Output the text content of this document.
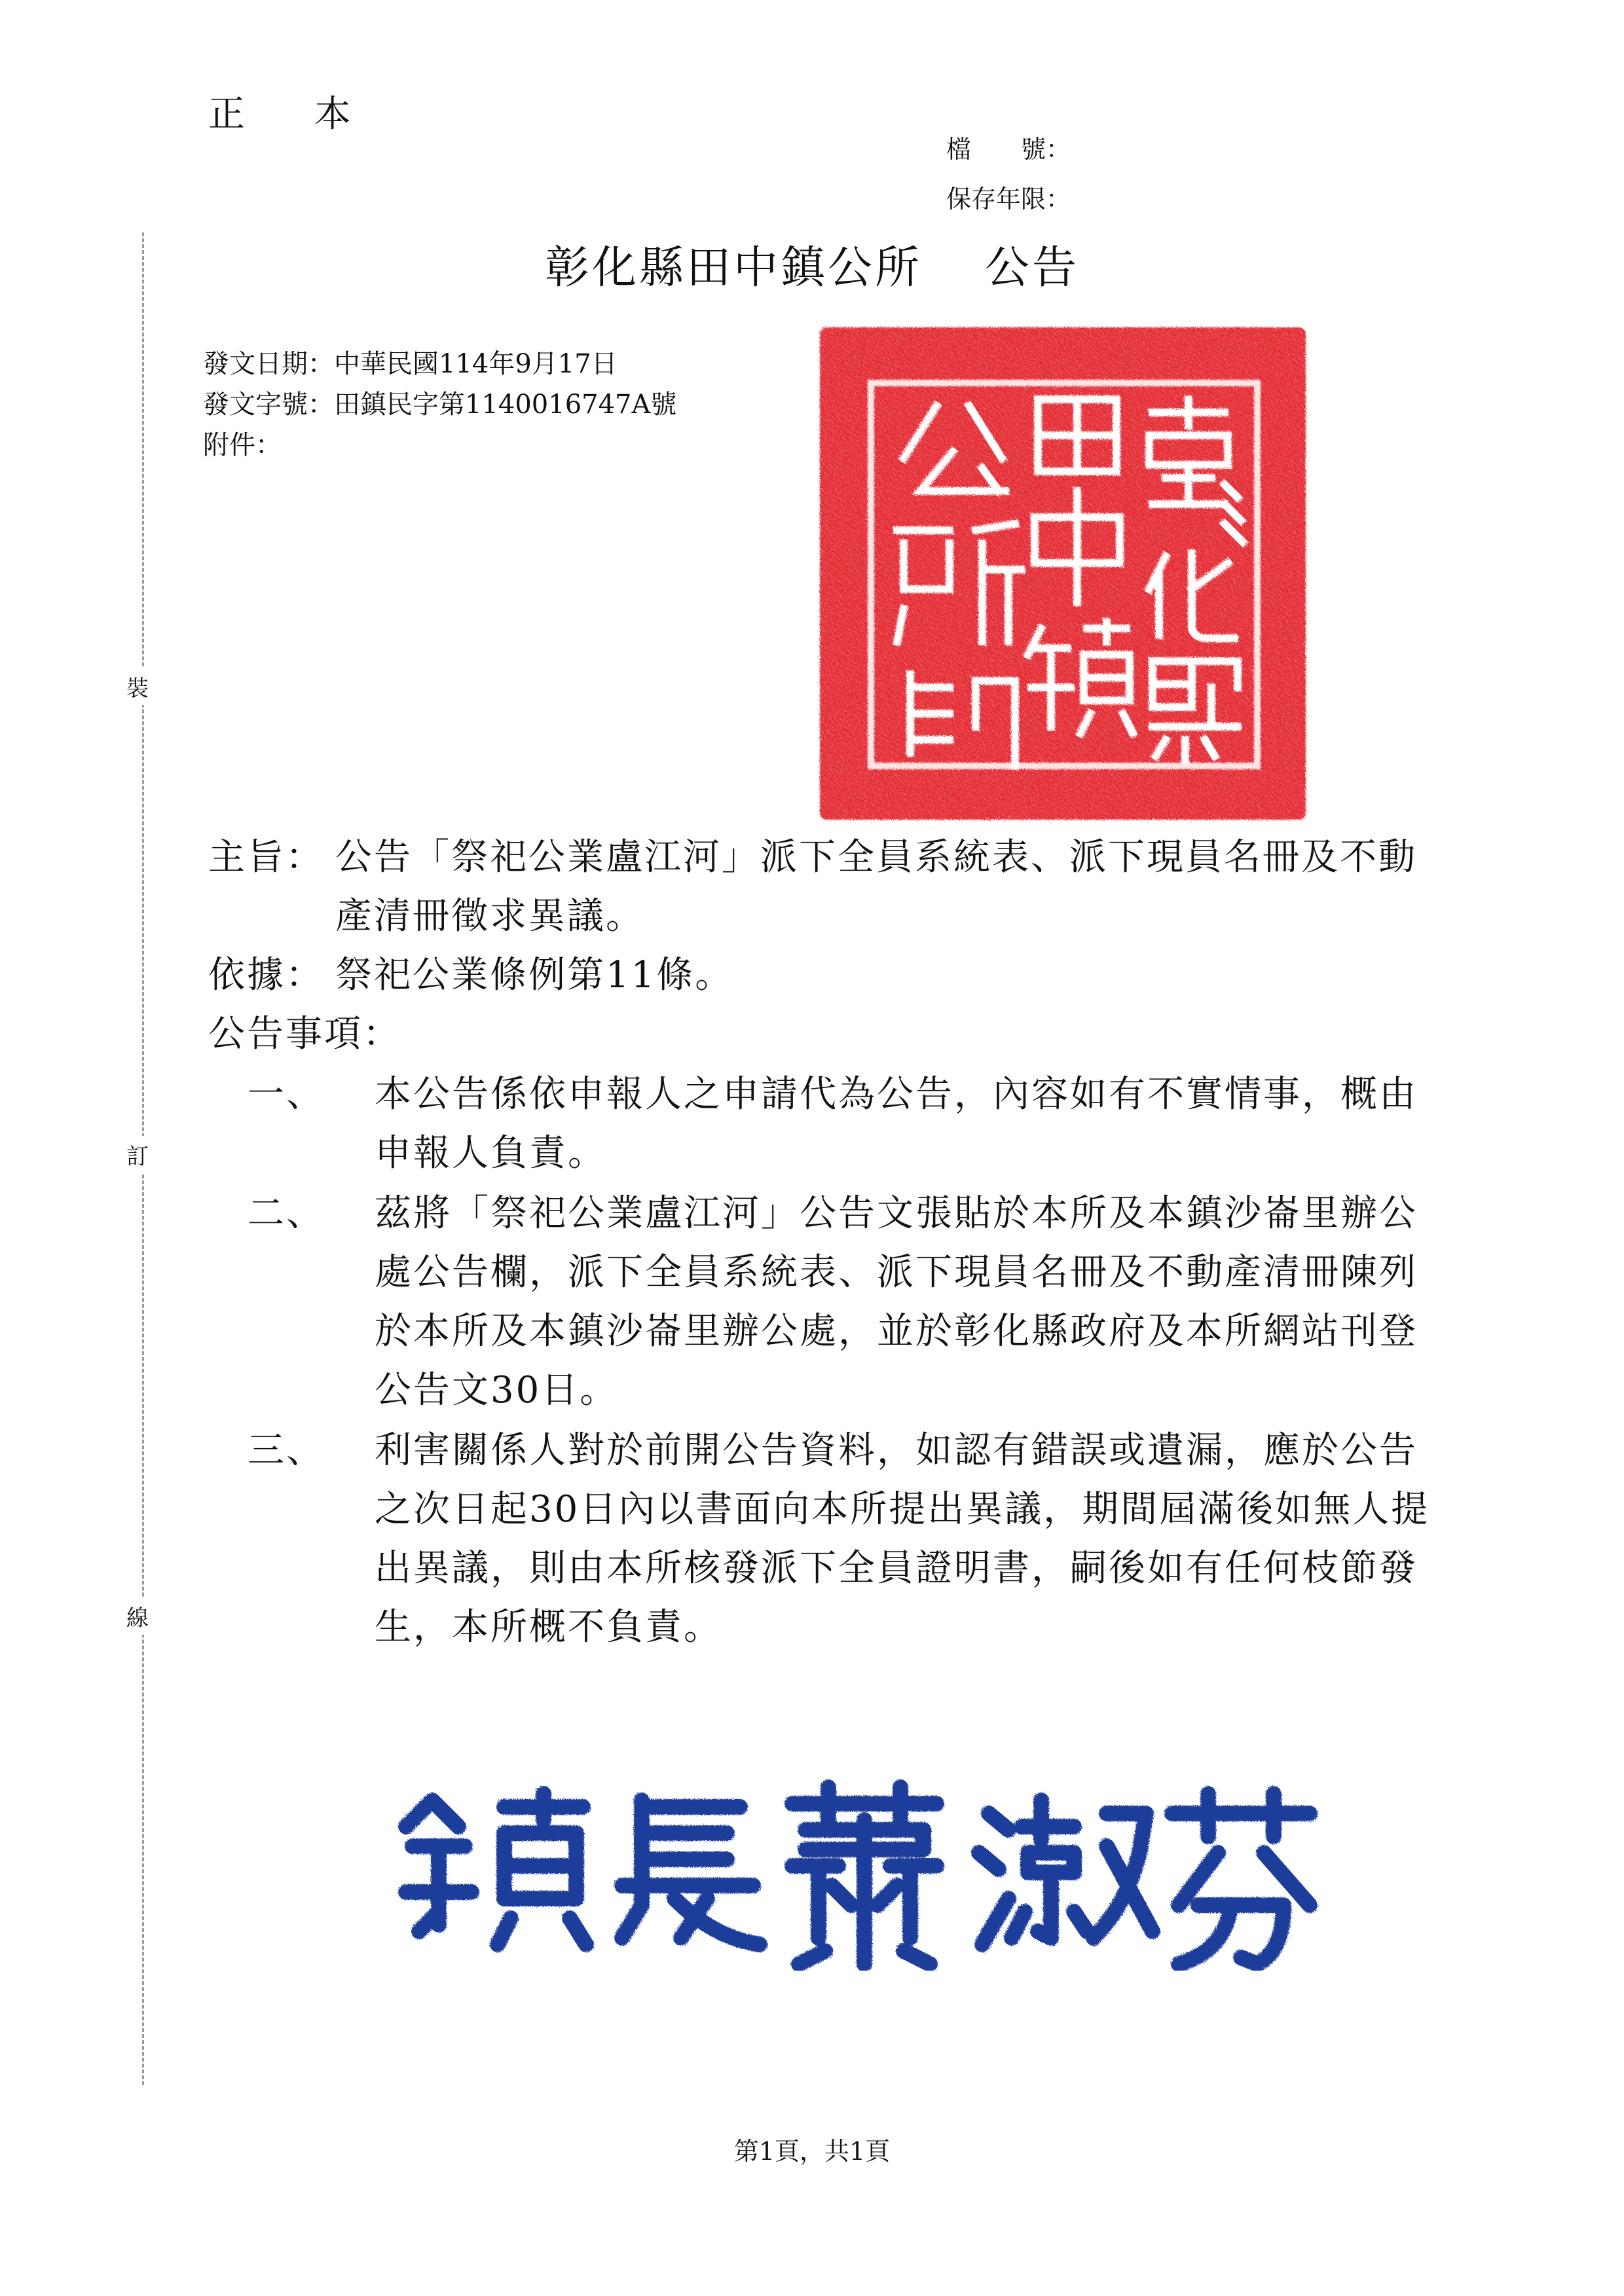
正 本
檔　　號：
保存年限：
彰化縣田中鎮公所 公告
發文日期：中華民國114年9月17日
發文字號：田鎮民字第1140016747A號
附件：
裝
訂
線
主旨： 公告「祭祀公業盧江河」派下全員系統表、派下現員名冊及不動產清冊徵求異議。
依據： 祭祀公業條例第11條。
公告事項：
一、 本公告係依申報人之申請代為公告，內容如有不實情事，概由申報人負責。
二、 茲將「祭祀公業盧江河」公告文張貼於本所及本鎮沙崙里辦公處公告欄，派下全員系統表、派下現員名冊及不動產清冊陳列於本所及本鎮沙崙里辦公處，並於彰化縣政府及本所網站刊登公告文30日。
三、 利害關係人對於前開公告資料，如認有錯誤或遺漏，應於公告之次日起30日內以書面向本所提出異議，期間屆滿後如無人提出異議，則由本所核發派下全員證明書，嗣後如有任何枝節發生，本所概不負責。
第1頁，共1頁
